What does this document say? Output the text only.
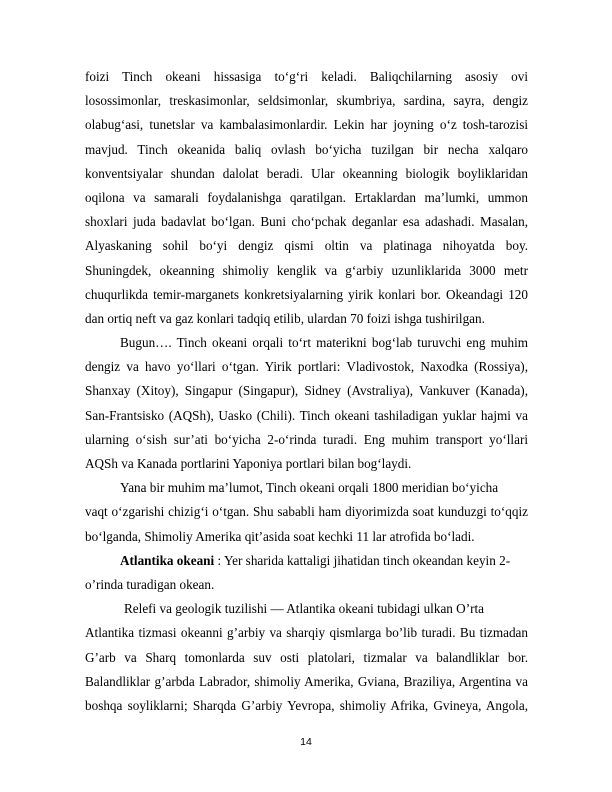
foizi Tinch okeani hissasiga to‘g‘ri keladi. Baliqchilarning asosiy ovi
losossimonlar, treskasimonlar, seldsimonlar, skumbriya, sardina, sayra, dengiz
olabug‘asi, tunetslar va kambalasimonlardir. Lekin har joyning o‘z tosh-tarozisi
mavjud. Tinch okeanida baliq ovlash bo‘yicha tuzilgan bir necha xalqaro
konventsiyalar shundan dalolat beradi. Ular okeanning biologik boyliklaridan
oqilona va samarali foydalanishga qaratilgan. Ertaklardan ma’lumki, ummon
shoxlari juda badavlat bo‘lgan. Buni cho‘pchak deganlar esa adashadi. Masalan,
Alyaskaning sohil bo‘yi dengiz qismi oltin va platinaga nihoyatda boy.
Shuningdek, okeanning shimoliy kenglik va g‘arbiy uzunliklarida 3000 metr
chuqurlikda temir-marganets konkretsiyalarning yirik konlari bor. Okeandagi 120
dan ortiq neft va gaz konlari tadqiq etilib, ulardan 70 foizi ishga tushirilgan.
Bugun…. Tinch okeani orqali to‘rt materikni bog‘lab turuvchi eng muhim
dengiz va havo yo‘llari o‘tgan. Yirik portlari: Vladivostok, Naxodka (Rossiya),
Shanxay (Xitoy), Singapur (Singapur), Sidney (Avstraliya), Vankuver (Kanada),
San-Frantsisko (AQSh), Uasko (Chili). Tinch okeani tashiladigan yuklar hajmi va
ularning o‘sish sur’ati bo‘yicha 2-o‘rinda turadi. Eng muhim transport yo‘llari
AQSh va Kanada portlarini Yaponiya portlari bilan bog‘laydi.
Yana bir muhim ma’lumot, Tinch okeani orqali 1800 meridian bo‘yicha
vaqt o‘zgarishi chizig‘i o‘tgan. Shu sababli ham diyorimizda soat kunduzgi to‘qqiz
bo‘lganda, Shimoliy Amerika qit’asida soat kechki 11 lar atrofida bo‘ladi.
Atlantika okeani : Yer sharida kattaligi jihatidan tinch okeandan keyin 2-
o’rinda turadigan okean.
Relefi va geologik tuzilishi — Atlantika okeani tubidagi ulkan O’rta
Atlantika tizmasi okeanni g’arbiy va sharqiy qismlarga bo’lib turadi. Bu tizmadan
G’arb va Sharq tomonlarda suv osti platolari, tizmalar va balandliklar bor.
Balandliklar g’arbda Labrador, shimoliy Amerika, Gviana, Braziliya, Argentina va
boshqa soyliklarni; Sharqda G’arbiy Yevropa, shimoliy Afrika, Gvineya, Angola,
14
